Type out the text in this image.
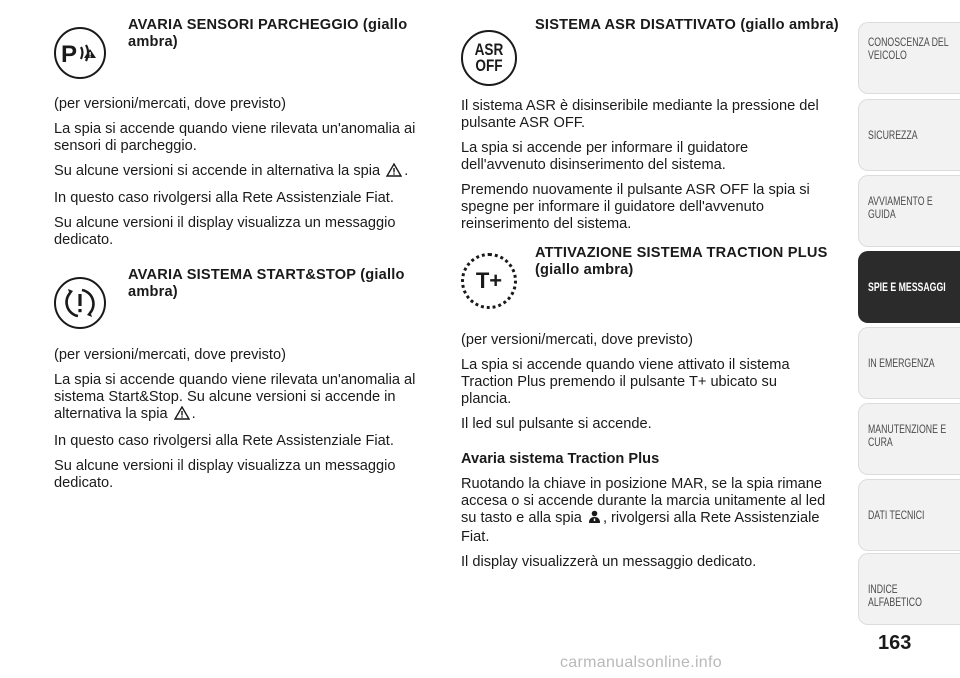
P
AVARIA SENSORI PARCHEGGIO (giallo ambra)

(per versioni/mercati, dove previsto)

La spia si accende quando viene rilevata un'anomalia ai sensori di parcheggio.

Su alcune versioni si accende in alternativa la spia .

In questo caso rivolgersi alla Rete Assistenziale Fiat.

Su alcune versioni il display visualizza un messaggio dedicato.

AVARIA SISTEMA START&STOP (giallo ambra)

(per versioni/mercati, dove previsto)

La spia si accende quando viene rilevata un'anomalia al sistema Start&Stop. Su alcune versioni si accende in alternativa la spia .

In questo caso rivolgersi alla Rete Assistenziale Fiat.

Su alcune versioni il display visualizza un messaggio dedicato.

ASR
OFF
SISTEMA ASR DISATTIVATO (giallo ambra)

Il sistema ASR è disinseribile mediante la pressione del pulsante ASR OFF.

La spia si accende per informare il guidatore dell'avvenuto disinserimento del sistema.

Premendo nuovamente il pulsante ASR OFF la spia si spegne per informare il guidatore dell'avvenuto reinserimento del sistema.

T+
ATTIVAZIONE SISTEMA TRACTION PLUS (giallo ambra)

(per versioni/mercati, dove previsto)

La spia si accende quando viene attivato il sistema Traction Plus premendo il pulsante T+ ubicato su plancia.

Il led sul pulsante si accende.

Avaria sistema Traction Plus

Ruotando la chiave in posizione MAR, se la spia rimane accesa o si accende durante la marcia unitamente al led su tasto e alla spia , rivolgersi alla Rete Assistenziale Fiat.

Il display visualizzerà un messaggio dedicato.

CONOSCENZA DEL
VEICOLO
SICUREZZA
AVVIAMENTO E
GUIDA
SPIE E MESSAGGI
IN EMERGENZA
MANUTENZIONE E
CURA
DATI TECNICI
INDICE ALFABETICO
163
carmanualsonline.info
